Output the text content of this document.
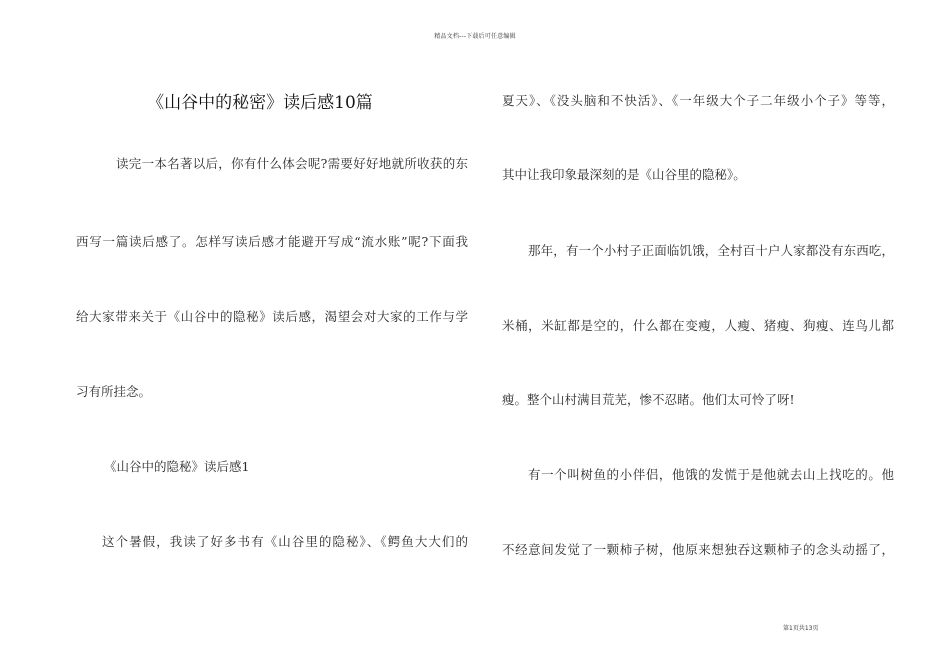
精品文档---下载后可任意编辑
《山谷中的秘密》读后感10篇
读完一本名著以后，你有什么体会呢?需要好好地就所收获的东
西写一篇读后感了。怎样写读后感才能避开写成“流水账”呢?下面我
给大家带来关于《山谷中的隐秘》读后感，渴望会对大家的工作与学
习有所挂念。
《山谷中的隐秘》读后感1
这个暑假，我读了好多书有《山谷里的隐秘》、《鳄鱼大大们的
夏天》、《没头脑和不快活》、《一年级大个子二年级小个子》等等，
其中让我印象最深刻的是《山谷里的隐秘》。
那年，有一个小村子正面临饥饿，全村百十户人家都没有东西吃，
米桶，米缸都是空的，什么都在变瘦，人瘦、猪瘦、狗瘦、连鸟儿都
瘦。整个山村满目荒芜，惨不忍睹。他们太可怜了呀!
有一个叫树鱼的小伴侣，他饿的发慌于是他就去山上找吃的。他
不经意间发觉了一颗柿子树，他原来想独吞这颗柿子的念头动摇了，
第1页共13页
